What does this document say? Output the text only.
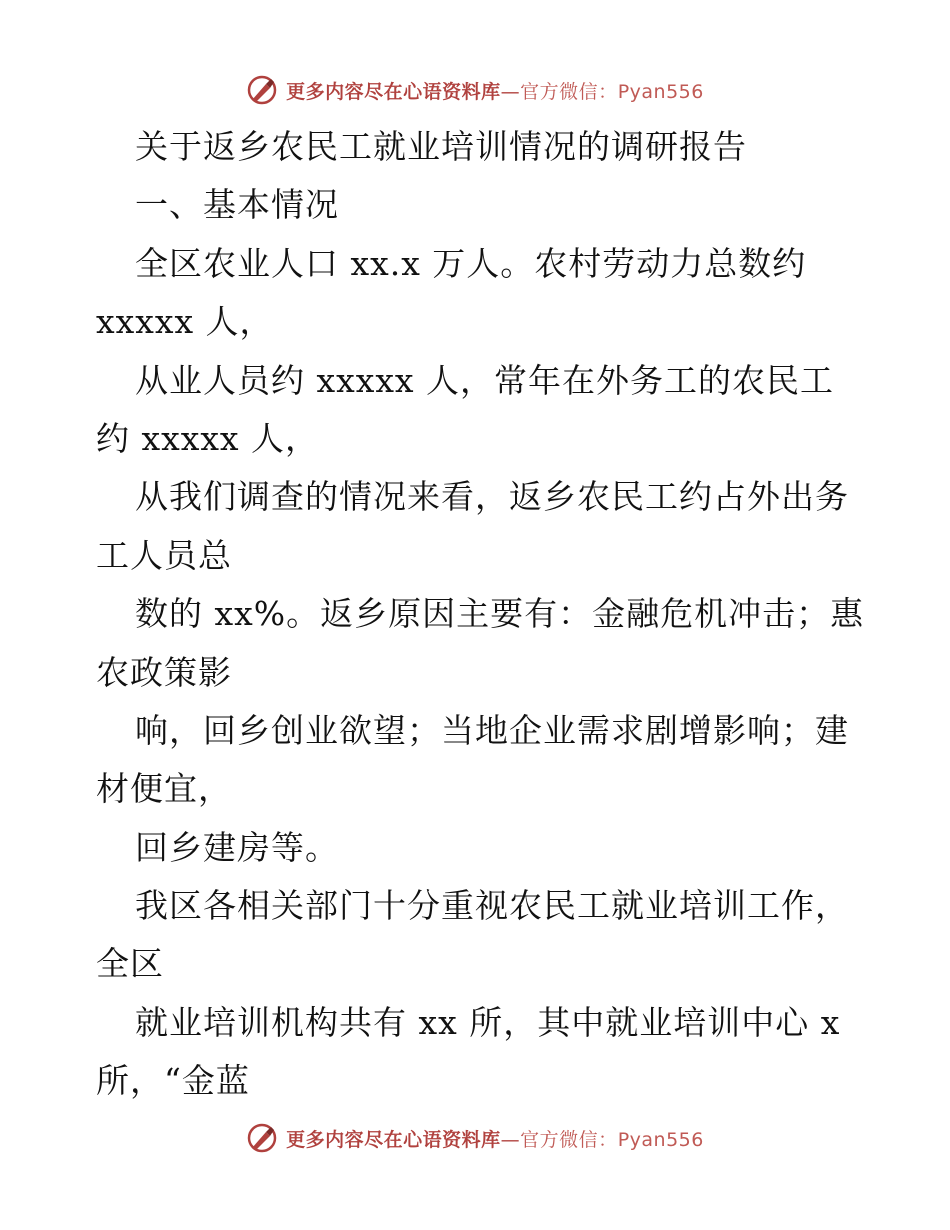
更多内容尽在心语资料库—官方微信：Pyan556
关于返乡农民工就业培训情况的调研报告
一、基本情况
全区农业人口 xx.x 万人。农村劳动力总数约
xxxxx 人，
从业人员约 xxxxx 人，常年在外务工的农民工
约 xxxxx 人，
从我们调查的情况来看，返乡农民工约占外出务
工人员总
数的 xx%。返乡原因主要有：金融危机冲击；惠
农政策影
响，回乡创业欲望；当地企业需求剧增影响；建
材便宜，
回乡建房等。
我区各相关部门十分重视农民工就业培训工作，
全区
就业培训机构共有 xx 所，其中就业培训中心 x
所，“金蓝
更多内容尽在心语资料库—官方微信：Pyan556
